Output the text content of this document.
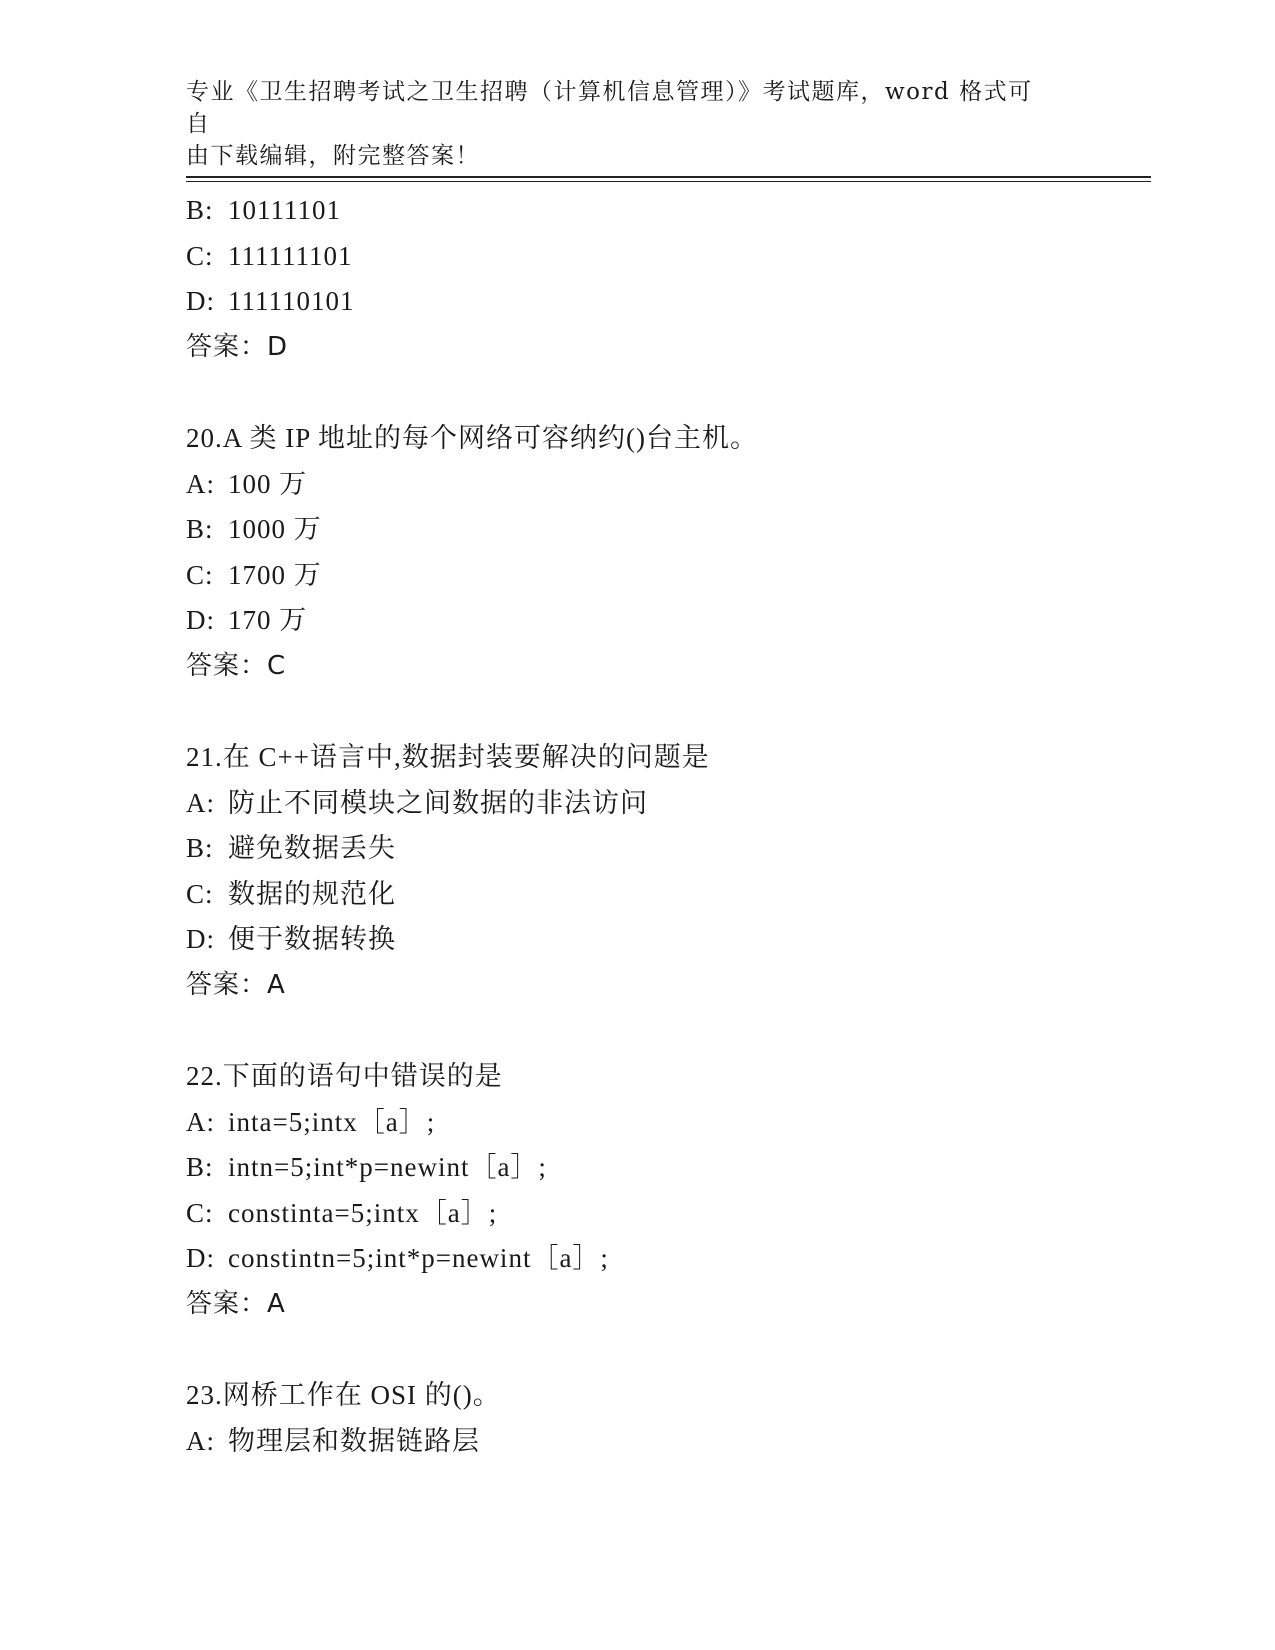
专业《卫生招聘考试之卫生招聘（计算机信息管理）》考试题库，word 格式可自
由下载编辑，附完整答案！
B: 10111101
C: 111111101
D: 111110101
答案：D
20.A 类 IP 地址的每个网络可容纳约()台主机。
A: 100 万
B: 1000 万
C: 1700 万
D: 170 万
答案：C
21.在 C++语言中,数据封装要解决的问题是
A: 防止不同模块之间数据的非法访问
B: 避免数据丢失
C: 数据的规范化
D: 便于数据转换
答案：A
22.下面的语句中错误的是
A: inta=5;intx［a］;
B: intn=5;int*p=newint［a］;
C: constinta=5;intx［a］;
D: constintn=5;int*p=newint［a］;
答案：A
23.网桥工作在 OSI 的()。
A: 物理层和数据链路层
